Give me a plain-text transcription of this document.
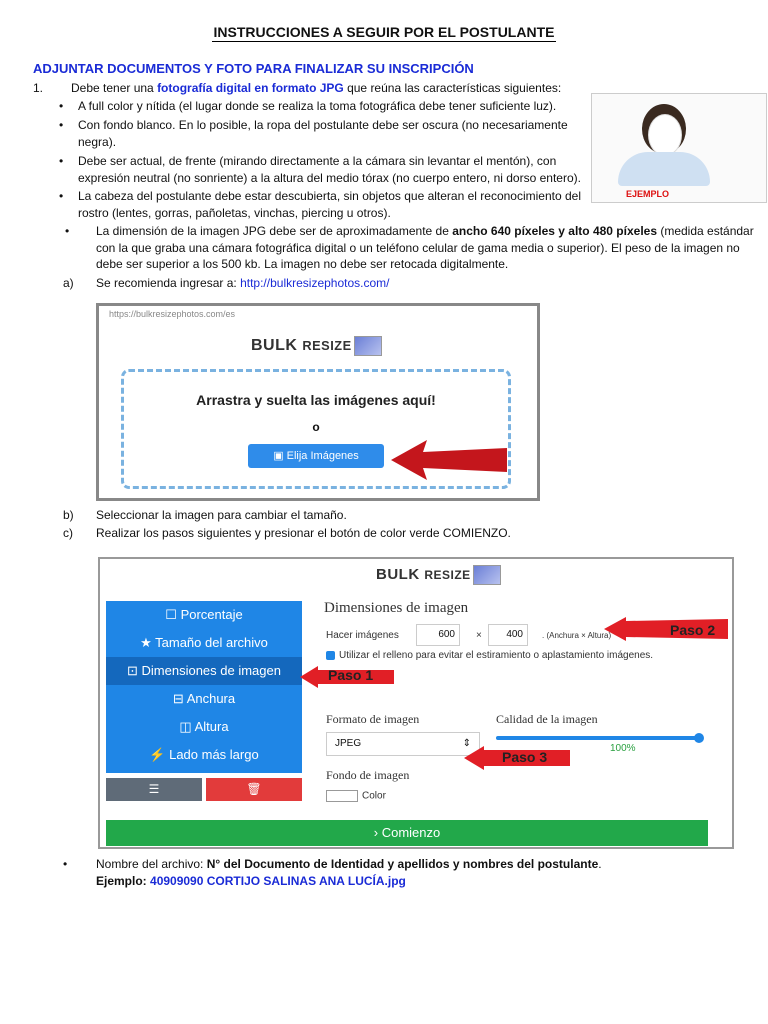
INSTRUCCIONES A SEGUIR POR EL POSTULANTE
ADJUNTAR DOCUMENTOS Y FOTO PARA FINALIZAR SU INSCRIPCIÓN
1. Debe tener una fotografía digital en formato JPG que reúna las características siguientes:
• A full color y nítida (el lugar donde se realiza la toma fotográfica debe tener suficiente luz).
• Con fondo blanco. En lo posible, la ropa del postulante debe ser oscura (no necesariamente
negra).
• Debe ser actual, de frente (mirando directamente a la cámara sin levantar el mentón), con
expresión neutral (no sonriente) a la altura del medio tórax (no cuerpo entero, ni dorso entero).
• La cabeza del postulante debe estar descubierta, sin objetos que alteran el reconocimiento del
rostro (lentes, gorras, pañoletas, vinchas, piercing u otros).
EJEMPLO
• La dimensión de la imagen JPG debe ser de aproximadamente de ancho 640 píxeles y alto 480 píxeles (medida estándar
con la que graba una cámara fotográfica digital o un teléfono celular de gama media o superior). El peso de la imagen no
debe ser superior a los 500 kb. La imagen no debe ser retocada digitalmente.
a) Se recomienda ingresar a: http://bulkresizephotos.com/
https://bulkresizephotos.com/es
BULK RESIZE
Arrastra y suelta las imágenes aquí!
o
▣ Elija Imágenes
b) Seleccionar la imagen para cambiar el tamaño.
c) Realizar los pasos siguientes y presionar el botón de color verde COMIENZO.
BULK RESIZE
☐ Porcentaje
★ Tamaño del archivo
⊡ Dimensiones de imagen
⊟ Anchura
◫ Altura
⚡ Lado más largo
☰	🗑
Dimensiones de imagen
Hacer imágenes	600	×	400	. (Anchura × Altura)
Utilizar el relleno para evitar el estiramiento o aplastamiento imágenes.
Formato de imagen
JPEG	⇕
Calidad de la imagen
100%
Fondo de imagen
Color
› Comienzo
Paso 1
Paso 2
Paso 3
• Nombre del archivo: N° del Documento de Identidad y apellidos y nombres del postulante.
Ejemplo: 40909090 CORTIJO SALINAS ANA LUCÍA.jpg
